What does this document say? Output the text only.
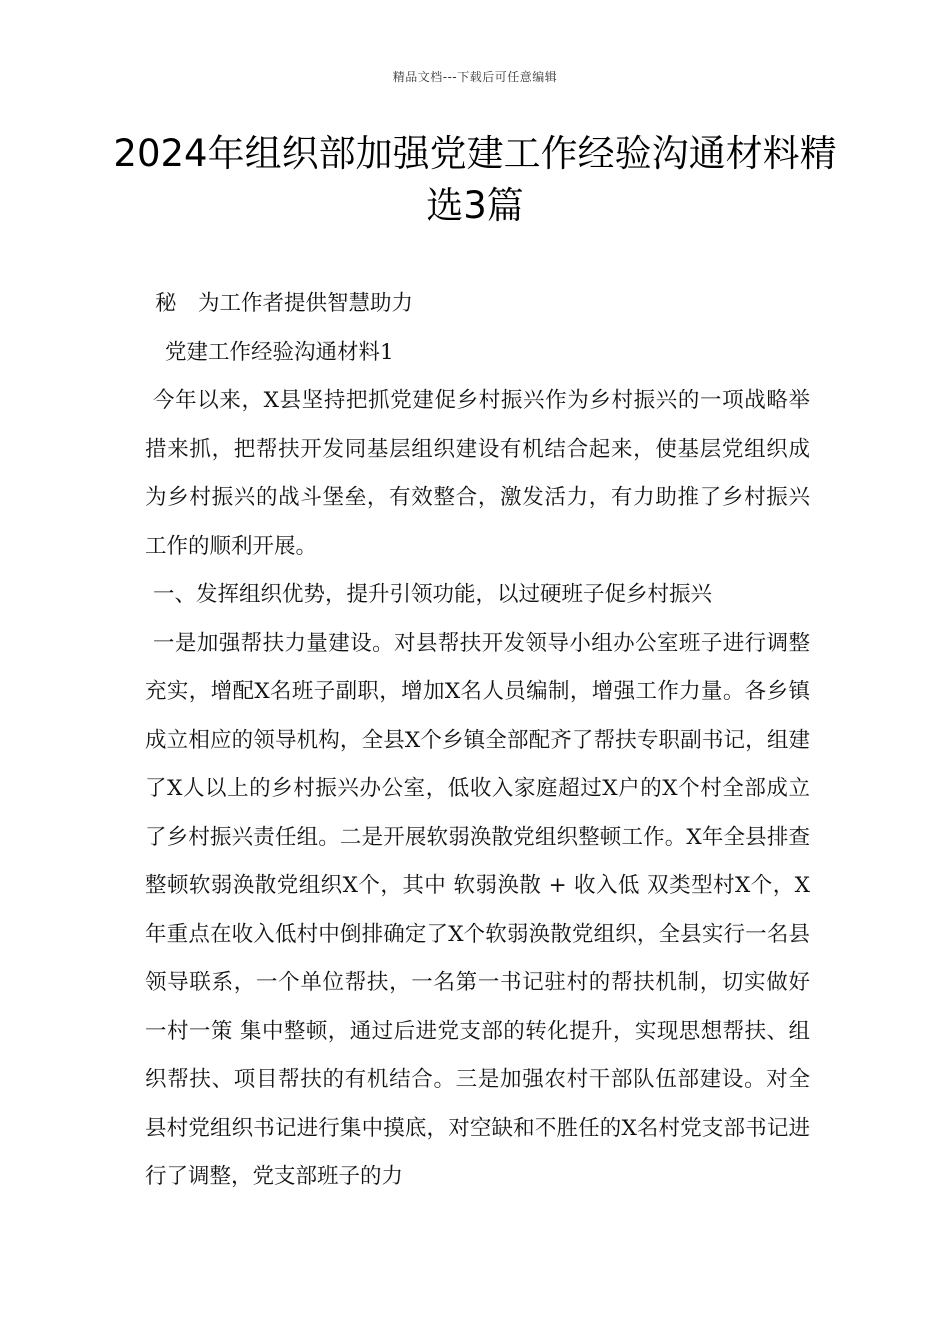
精品文档---下载后可任意编辑
2024年组织部加强党建工作经验沟通材料精选3篇

秘　为工作者提供智慧助力

党建工作经验沟通材料1

今年以来，X县坚持把抓党建促乡村振兴作为乡村振兴的一项战略举措来抓，把帮扶开发同基层组织建设有机结合起来，使基层党组织成为乡村振兴的战斗堡垒，有效整合，激发活力，有力助推了乡村振兴工作的顺利开展。

一、发挥组织优势，提升引领功能，以过硬班子促乡村振兴

一是加强帮扶力量建设。对县帮扶开发领导小组办公室班子进行调整充实，增配X名班子副职，增加X名人员编制，增强工作力量。各乡镇成立相应的领导机构，全县X个乡镇全部配齐了帮扶专职副书记，组建了X人以上的乡村振兴办公室，低收入家庭超过X户的X个村全部成立了乡村振兴责任组。二是开展软弱涣散党组织整顿工作。X年全县排查整顿软弱涣散党组织X个，其中 软弱涣散 + 收入低 双类型村X个，X年重点在收入低村中倒排确定了X个软弱涣散党组织，全县实行一名县领导联系，一个单位帮扶，一名第一书记驻村的帮扶机制，切实做好 一村一策 集中整顿，通过后进党支部的转化提升，实现思想帮扶、组织帮扶、项目帮扶的有机结合。三是加强农村干部队伍部建设。对全县村党组织书记进行集中摸底，对空缺和不胜任的X名村党支部书记进行了调整，党支部班子的力
